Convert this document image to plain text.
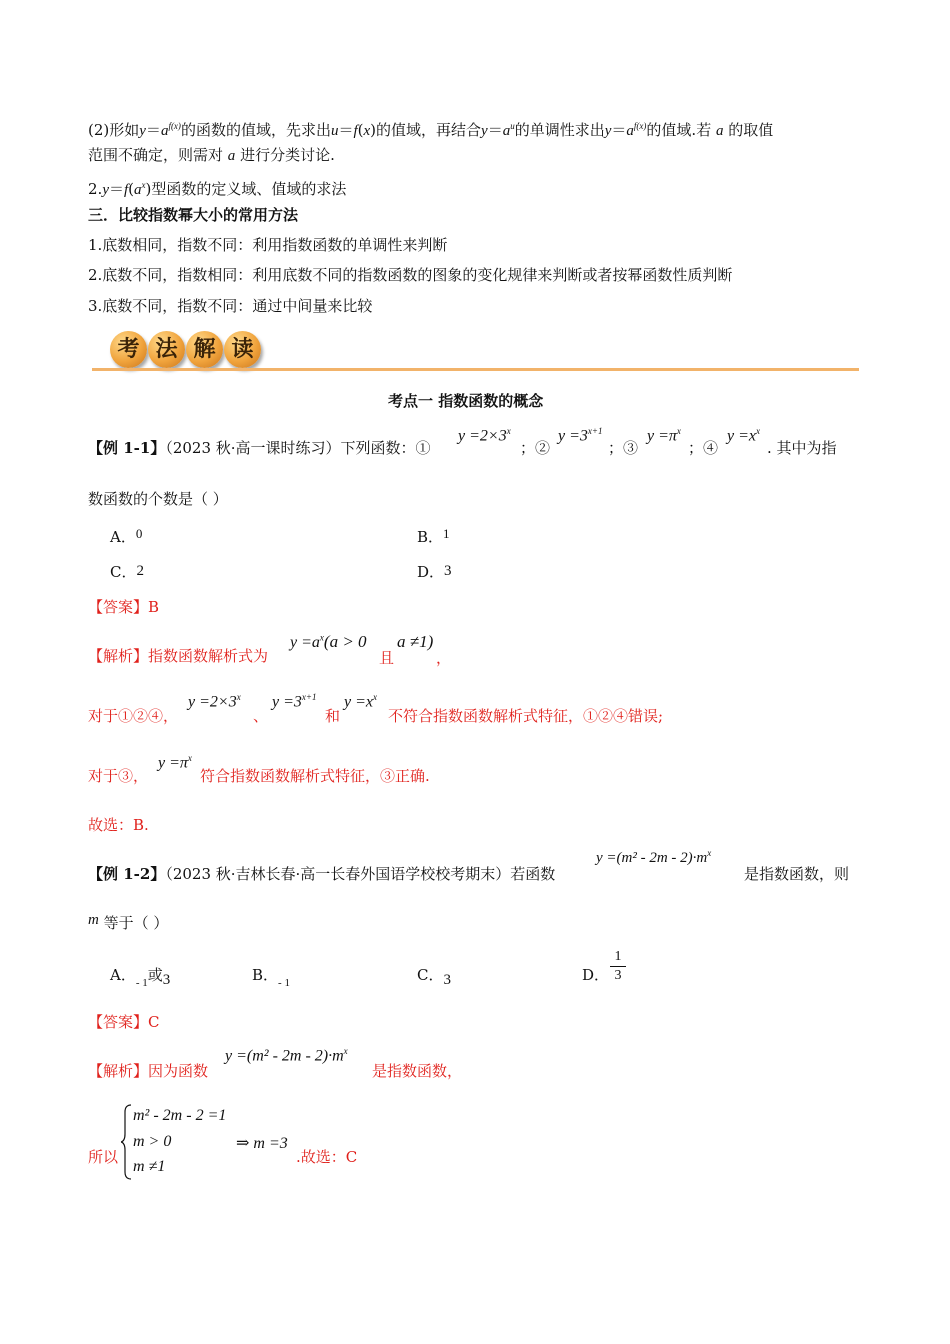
(2)形如$y=a^{f(x)}$的函数的值域，先求出u＝f(x)的值域，再结合$y=a^u$的单调性求出$y=a^{f(x)}$的值域.若 a 的取值
范围不确定，则需对 a 进行分类讨论.
$2.y=f(a^x)$型函数的定义域、值域的求法
三．比较指数幂大小的常用方法
1.底数相同，指数不同：利用指数函数的单调性来判断
2.底数不同，指数相同：利用底数不同的指数函数的图象的变化规律来判断或者按幂函数性质判断
3.底数不同，指数不同：通过中间量来比较
考 法 解 读
考点一 指数函数的概念
【例 1-1】（2023 秋·高一课时练习）下列函数：①
$y =2\times 3^x$
；②
$y =3^{x+1}$
；③
$y =\pi^x$
；④
$y =x^x$
. 其中为指
数函数的个数是（ ）
A．0	B．1
C．2	D．3
【答案】B
【解析】指数函数解析式为
$y =a^x(a > 0$
且
a ≠1)
，
对于①②④，
$y =2\times 3^x$
、
$y =3^{x+1}$
和
$y =x^x$
不符合指数函数解析式特征，①②④错误;
对于③，
$y =\pi^x$
符合指数函数解析式特征，③正确.
故选：B.
【例 1-2】（2023 秋·吉林长春·高一长春外国语学校校考期末）若函数
$y =(m^2 - 2m - 2)\cdot m^x$
是指数函数，则
m 等于（ ）
A．$_{- 1}$或3	B．$_{- 1}$	C．3	D．
1
3
【答案】C
【解析】因为函数
$y =(m^2 - 2m - 2)\cdot m^x$
是指数函数，
所以
m² - 2m - 2 =1
m > 0
m ≠1
⇒ m =3
.故选：C
